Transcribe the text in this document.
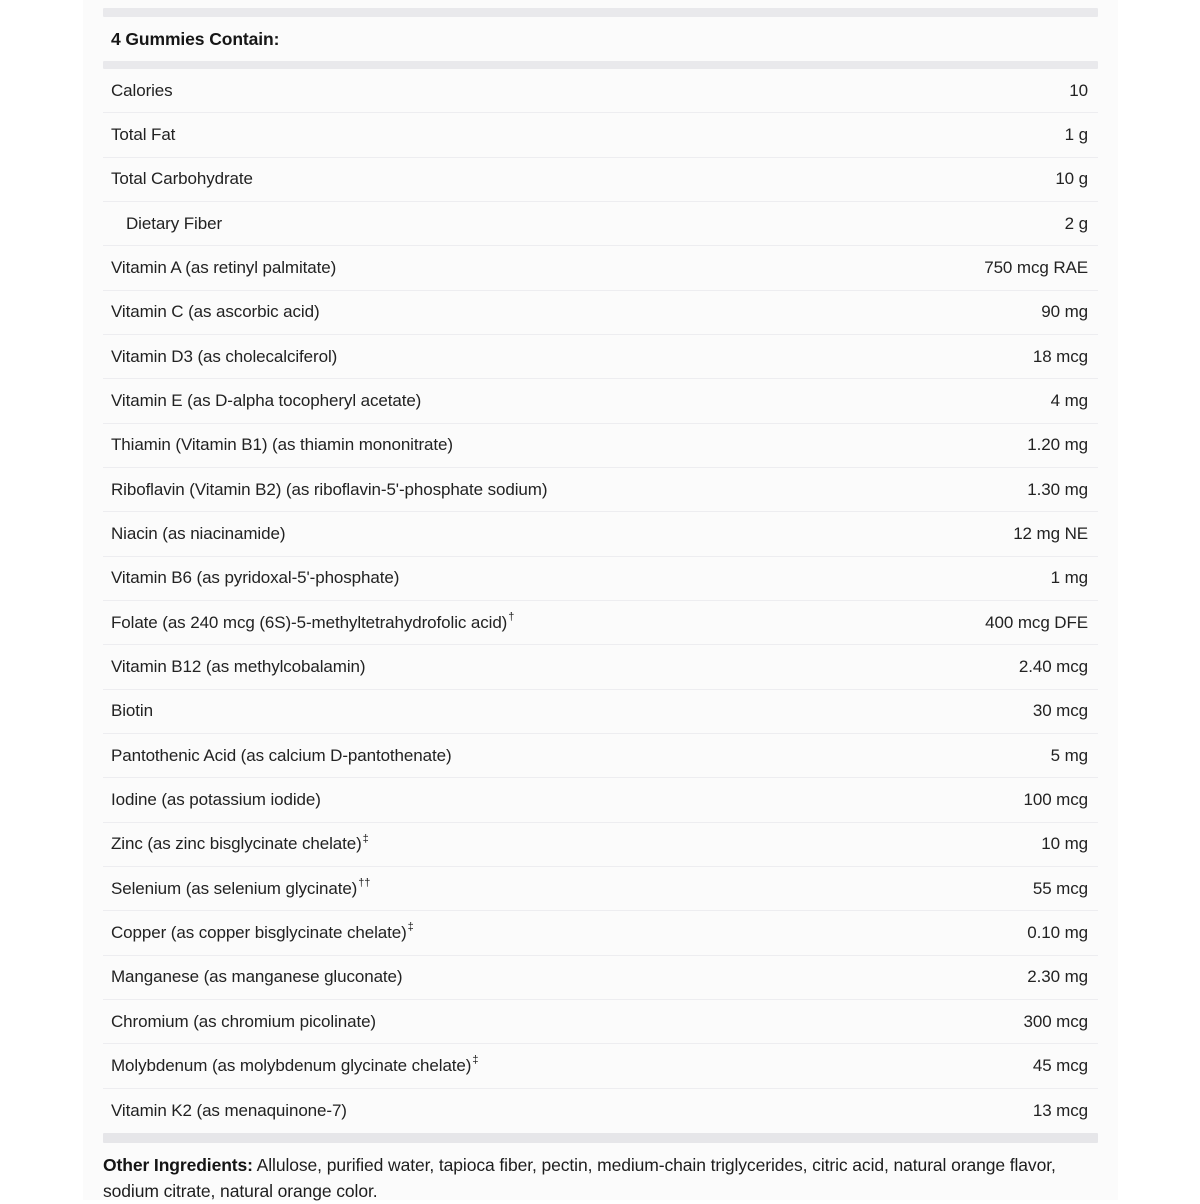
4 Gummies Contain:
Calories	10
Total Fat	1 g
Total Carbohydrate	10 g
Dietary Fiber	2 g
Vitamin A (as retinyl palmitate)	750 mcg RAE
Vitamin C (as ascorbic acid)	90 mg
Vitamin D3 (as cholecalciferol)	18 mcg
Vitamin E (as D-alpha tocopheryl acetate)	4 mg
Thiamin (Vitamin B1) (as thiamin mononitrate)	1.20 mg
Riboflavin (Vitamin B2) (as riboflavin-5'-phosphate sodium)	1.30 mg
Niacin (as niacinamide)	12 mg NE
Vitamin B6 (as pyridoxal-5'-phosphate)	1 mg
Folate (as 240 mcg (6S)-5-methyltetrahydrofolic acid)†	400 mcg DFE
Vitamin B12 (as methylcobalamin)	2.40 mcg
Biotin	30 mcg
Pantothenic Acid (as calcium D-pantothenate)	5 mg
Iodine (as potassium iodide)	100 mcg
Zinc (as zinc bisglycinate chelate)‡	10 mg
Selenium (as selenium glycinate)††	55 mcg
Copper (as copper bisglycinate chelate)‡	0.10 mg
Manganese (as manganese gluconate)	2.30 mg
Chromium (as chromium picolinate)	300 mcg
Molybdenum (as molybdenum glycinate chelate)‡	45 mcg
Vitamin K2 (as menaquinone-7)	13 mcg

Other Ingredients: Allulose, purified water, tapioca fiber, pectin, medium-chain triglycerides, citric acid, natural orange flavor, sodium citrate, natural orange color.
